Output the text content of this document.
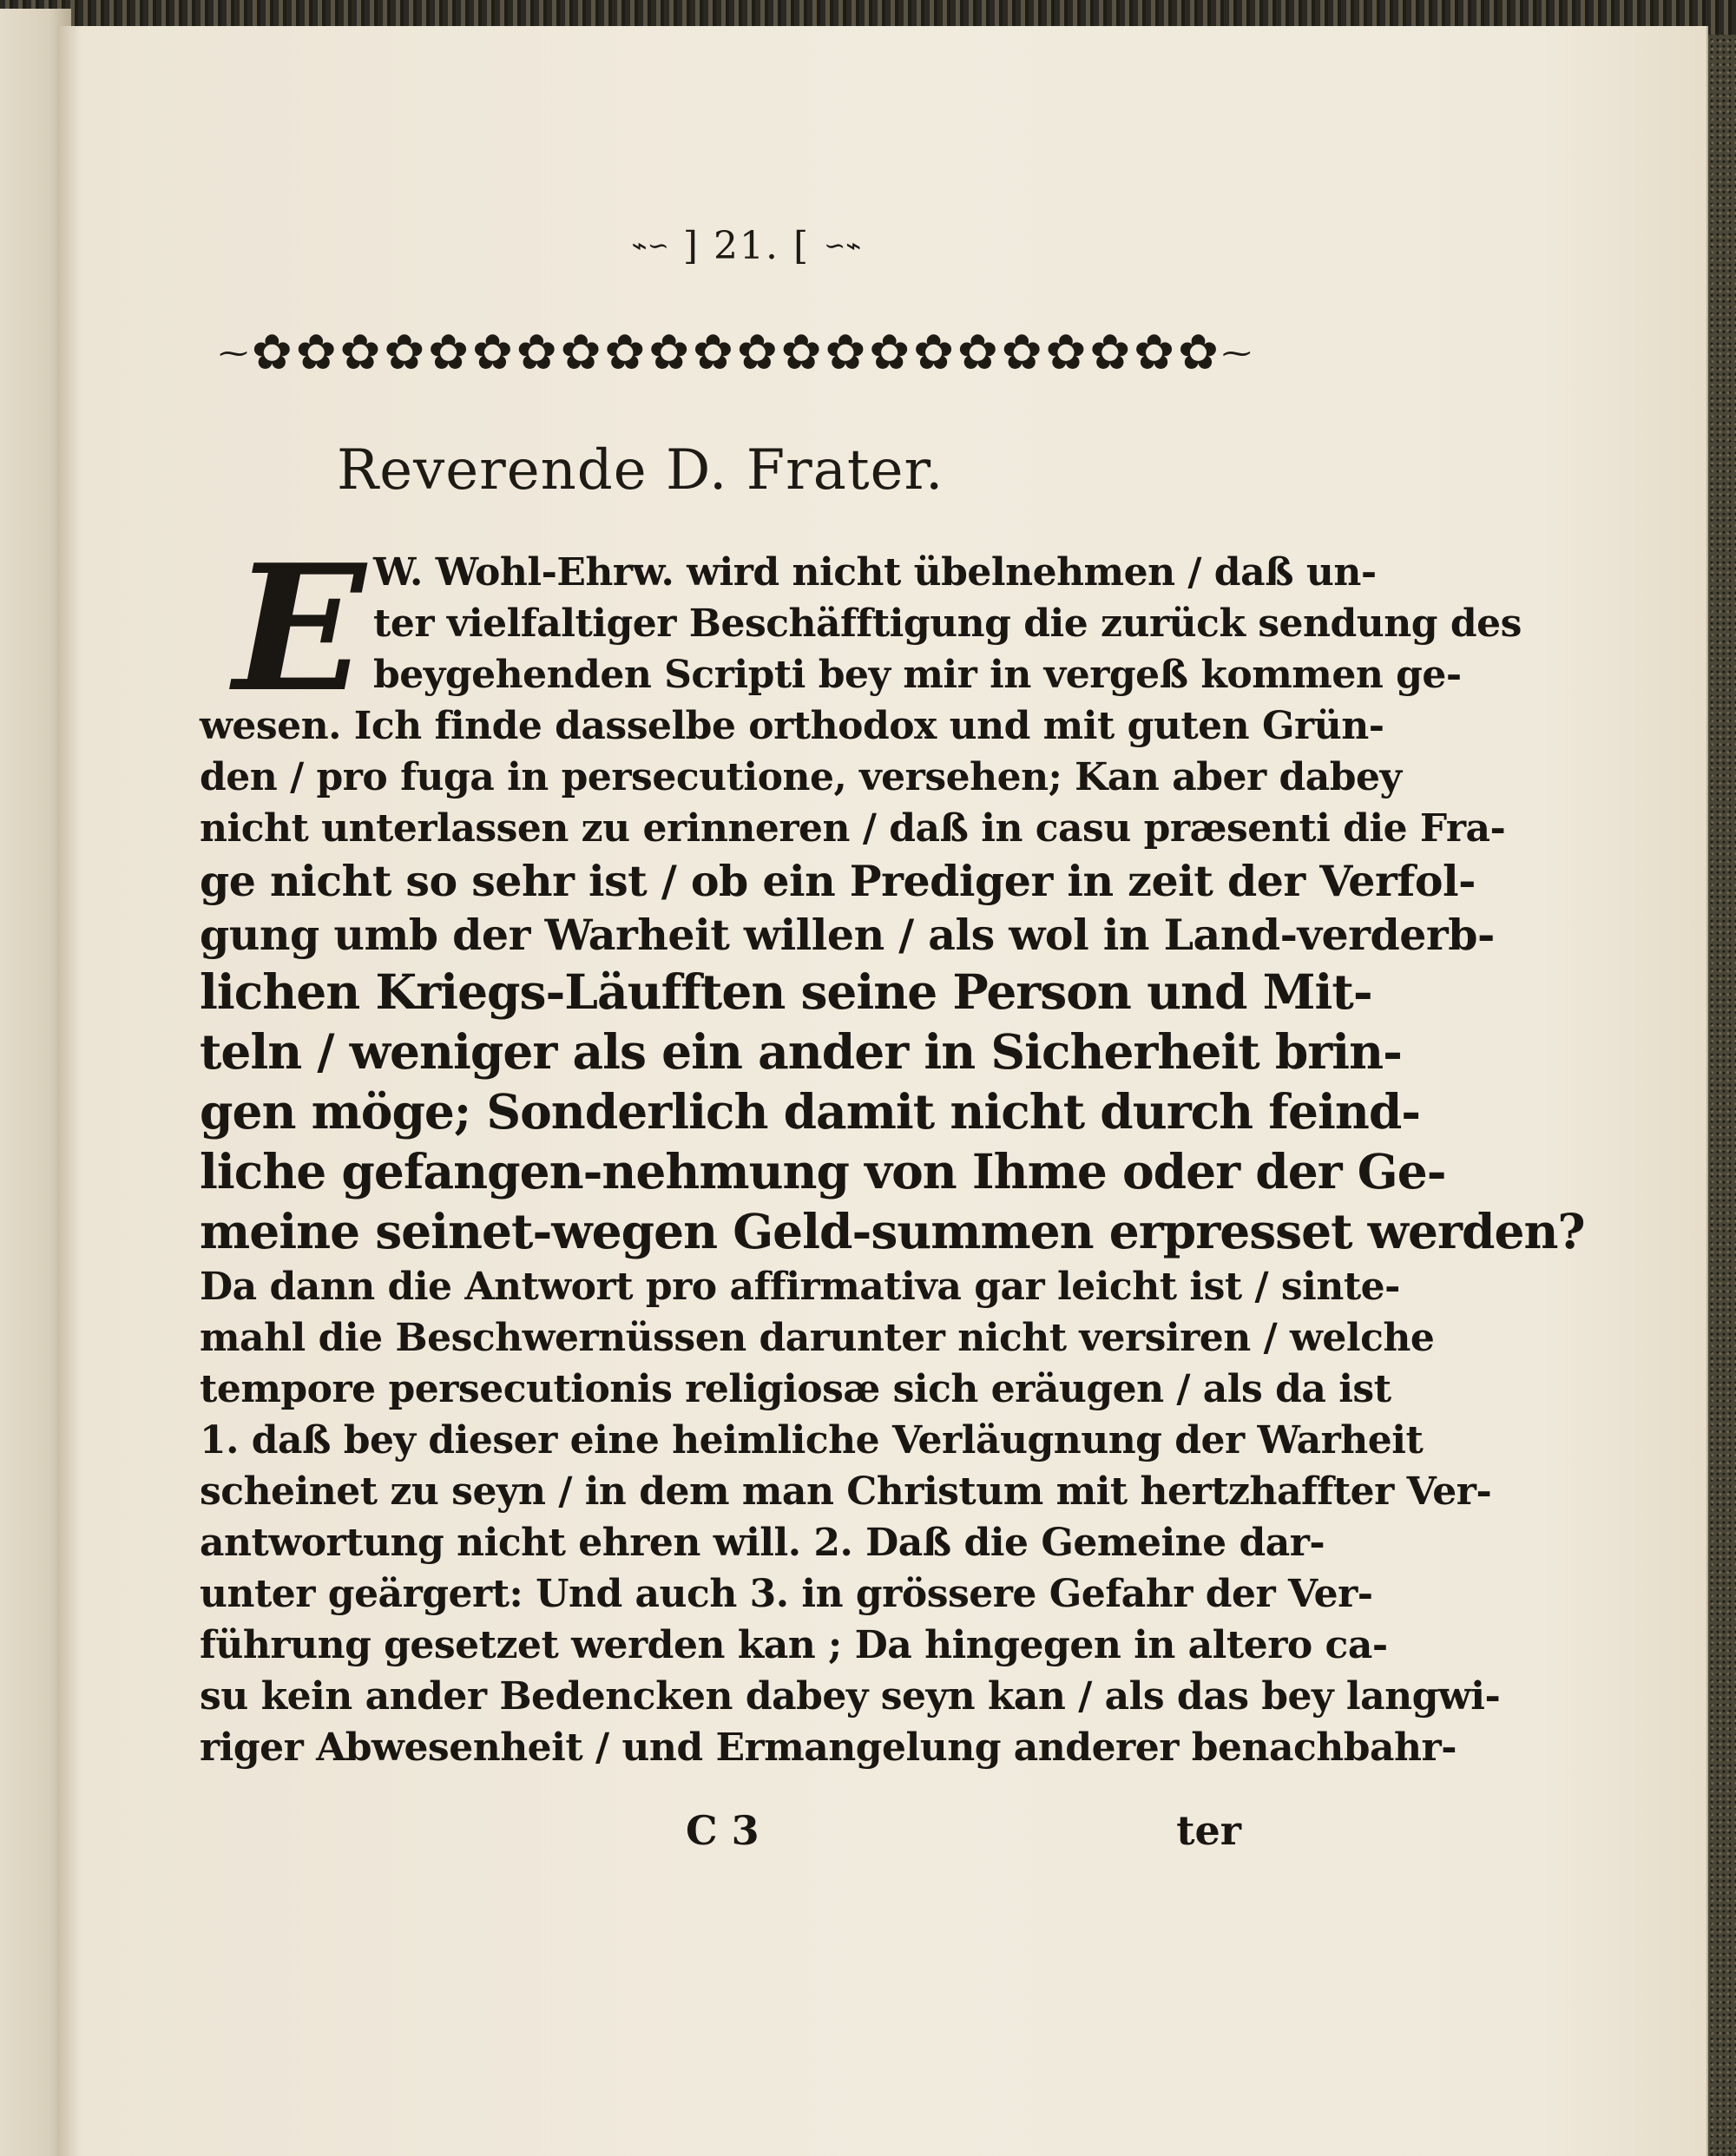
⌁∽ ] 21. [ ∽⌁
⁓ ✿ ✿ ✿ ✿ ✿ ✿ ✿ ✿ ✿ ✿ ✿ ✿ ✿ ✿ ✿ ✿ ✿ ✿ ✿ ✿ ✿ ✿ ⁓
Reverende D. Frater.
E W. Wohl-Ehrw. wird nicht übelnehmen / daß un-
ter vielfaltiger Beschäfftigung die zurück sendung des
beygehenden Scripti bey mir in vergeß kommen ge-
wesen. Ich finde dasselbe orthodox und mit guten Grün-
den / pro fuga in persecutione, versehen; Kan aber dabey
nicht unterlassen zu erinneren / daß in casu præsenti die Fra-
ge nicht so sehr ist / ob ein Prediger in zeit der Verfol-
gung umb der Warheit willen / als wol in Land-verderb-
lichen Kriegs-Läufften seine Person und Mit-
teln / weniger als ein ander in Sicherheit brin-
gen möge; Sonderlich damit nicht durch feind-
liche gefangen-nehmung von Ihme oder der Ge-
meine seinet-wegen Geld-summen erpresset werden?
Da dann die Antwort pro affirmativa gar leicht ist / sinte-
mahl die Beschwernüssen darunter nicht versiren / welche
tempore persecutionis religiosæ sich eräugen / als da ist
1. daß bey dieser eine heimliche Verläugnung der Warheit
scheinet zu seyn / in dem man Christum mit hertzhaffter Ver-
antwortung nicht ehren will. 2. Daß die Gemeine dar-
unter geärgert: Und auch 3. in grössere Gefahr der Ver-
führung gesetzet werden kan ; Da hingegen in altero ca-
su kein ander Bedencken dabey seyn kan / als das bey langwi-
riger Abwesenheit / und Ermangelung anderer benachbahr-
C 3	ter
